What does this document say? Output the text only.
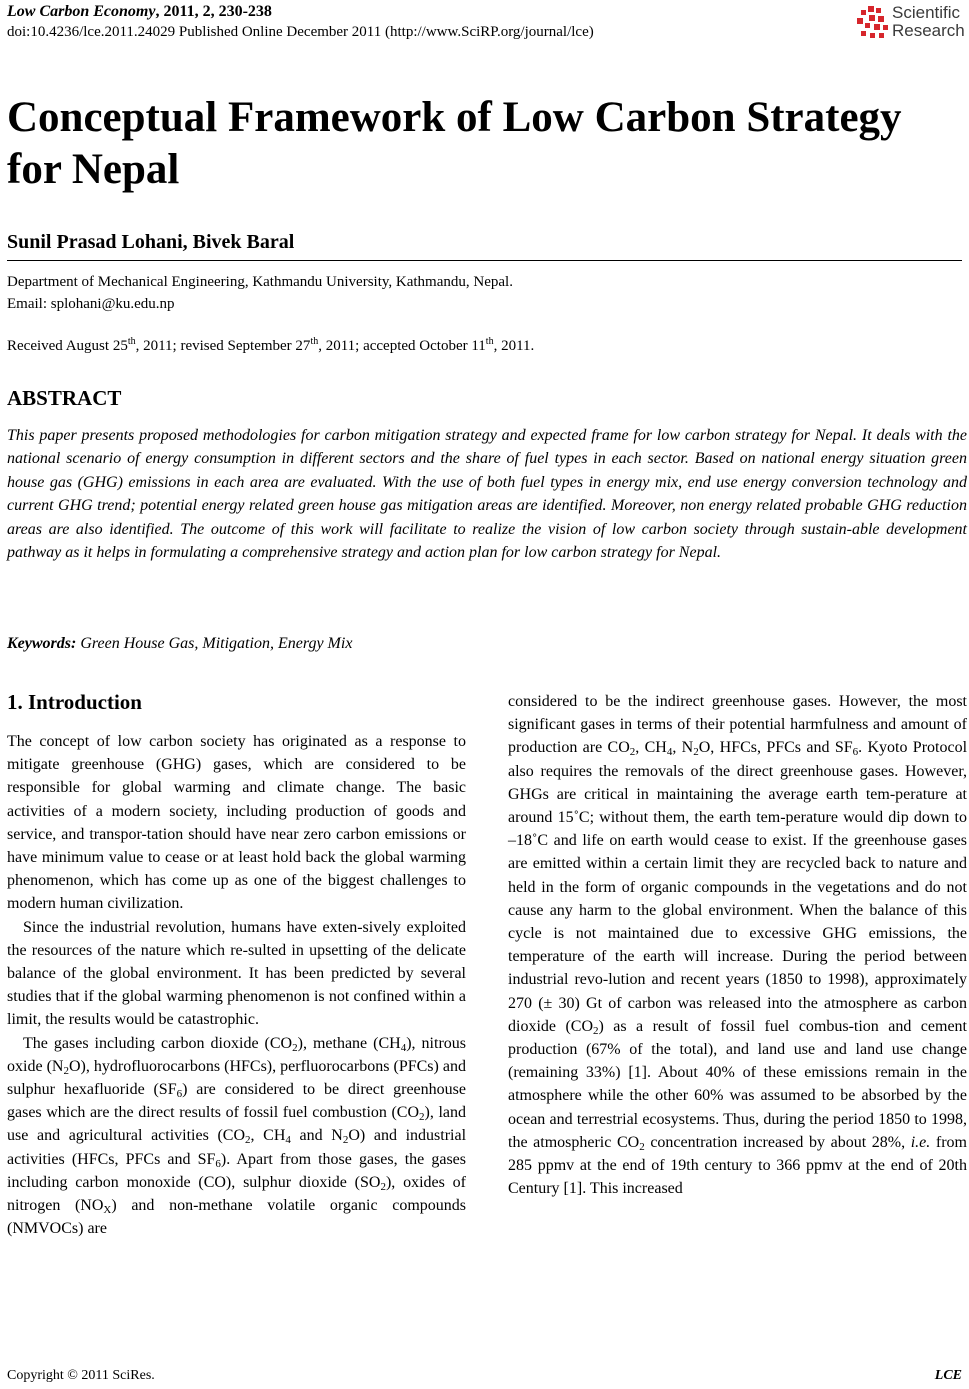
Low Carbon Economy, 2011, 2, 230-238
doi:10.4236/lce.2011.24029 Published Online December 2011 (http://www.SciRP.org/journal/lce)
Scientific
Research
Conceptual Framework of Low Carbon Strategy
for Nepal
Sunil Prasad Lohani, Bivek Baral
Department of Mechanical Engineering, Kathmandu University, Kathmandu, Nepal.
Email: splohani@ku.edu.np
Received August 25th, 2011; revised September 27th, 2011; accepted October 11th, 2011.
ABSTRACT

This paper presents proposed methodologies for carbon mitigation strategy and expected frame for low carbon strategy for Nepal. It deals with the national scenario of energy consumption in different sectors and the share of fuel types in each sector. Based on national energy situation green house gas (GHG) emissions in each area are evaluated. With the use of both fuel types in energy mix, end use energy conversion technology and current GHG trend; potential energy related green house gas mitigation areas are identified. Moreover, non energy related probable GHG reduction areas are also identified. The outcome of this work will facilitate to realize the vision of low carbon society through sustain-able development pathway as it helps in formulating a comprehensive strategy and action plan for low carbon strategy for Nepal.

Keywords: Green House Gas, Mitigation, Energy Mix
1. Introduction

The concept of low carbon society has originated as a response to mitigate greenhouse (GHG) gases, which are considered to be responsible for global warming and climate change. The basic activities of a modern society, including production of goods and service, and transpor-tation should have near zero carbon emissions or have minimum value to cease or at least hold back the global warming phenomenon, which has come up as one of the biggest challenges to modern human civilization.

Since the industrial revolution, humans have exten-sively exploited the resources of the nature which re-sulted in upsetting of the delicate balance of the global environment. It has been predicted by several studies that if the global warming phenomenon is not confined within a limit, the results would be catastrophic.

The gases including carbon dioxide $(CO_2)$, methane $(CH_4)$, nitrous oxide $(N_2O)$, hydrofluorocarbons (HFCs), perfluorocarbons (PFCs) and sulphur hexafluoride $(SF_6)$ are considered to be direct greenhouse gases which are the direct results of fossil fuel combustion $(CO_2)$, land use and agricultural activities ($CO_2$, $CH_4$ and $N_2O$) and industrial activities (HFCs, PFCs and $SF_6$). Apart from those gases, the gases including carbon monoxide (CO), sulphur dioxide $(SO_2)$, oxides of nitrogen $(NO_X)$ and non-methane volatile organic compounds (NMVOCs) are

considered to be the indirect greenhouse gases. However, the most significant gases in terms of their potential harmfulness and amount of production are $CO_2$, $CH_4$, $N_2O$, HFCs, PFCs and $SF_6$. Kyoto Protocol also requires the removals of the direct greenhouse gases. However, GHGs are critical in maintaining the average earth tem-perature at around 15˚C; without them, the earth tem-perature would dip down to –18˚C and life on earth would cease to exist. If the greenhouse gases are emitted within a certain limit they are recycled back to nature and held in the form of organic compounds in the vegetations and do not cause any harm to the global environment. When the balance of this cycle is not maintained due to excessive GHG emissions, the temperature of the earth will increase. During the period between industrial revo-lution and recent years (1850 to 1998), approximately 270 (± 30) Gt of carbon was released into the atmosphere as carbon dioxide $(CO_2)$ as a result of fossil fuel combus-tion and cement production (67% of the total), and land use and land use change (remaining 33%) [1]. About 40% of these emissions remain in the atmosphere while the other 60% was assumed to be absorbed by the ocean and terrestrial ecosystems. Thus, during the period 1850 to 1998, the atmospheric $CO_2$ concentration increased by about 28%, i.e. from 285 ppmv at the end of 19th century to 366 ppmv at the end of 20th Century [1]. This increased

Copyright © 2011 SciRes.	LCE
